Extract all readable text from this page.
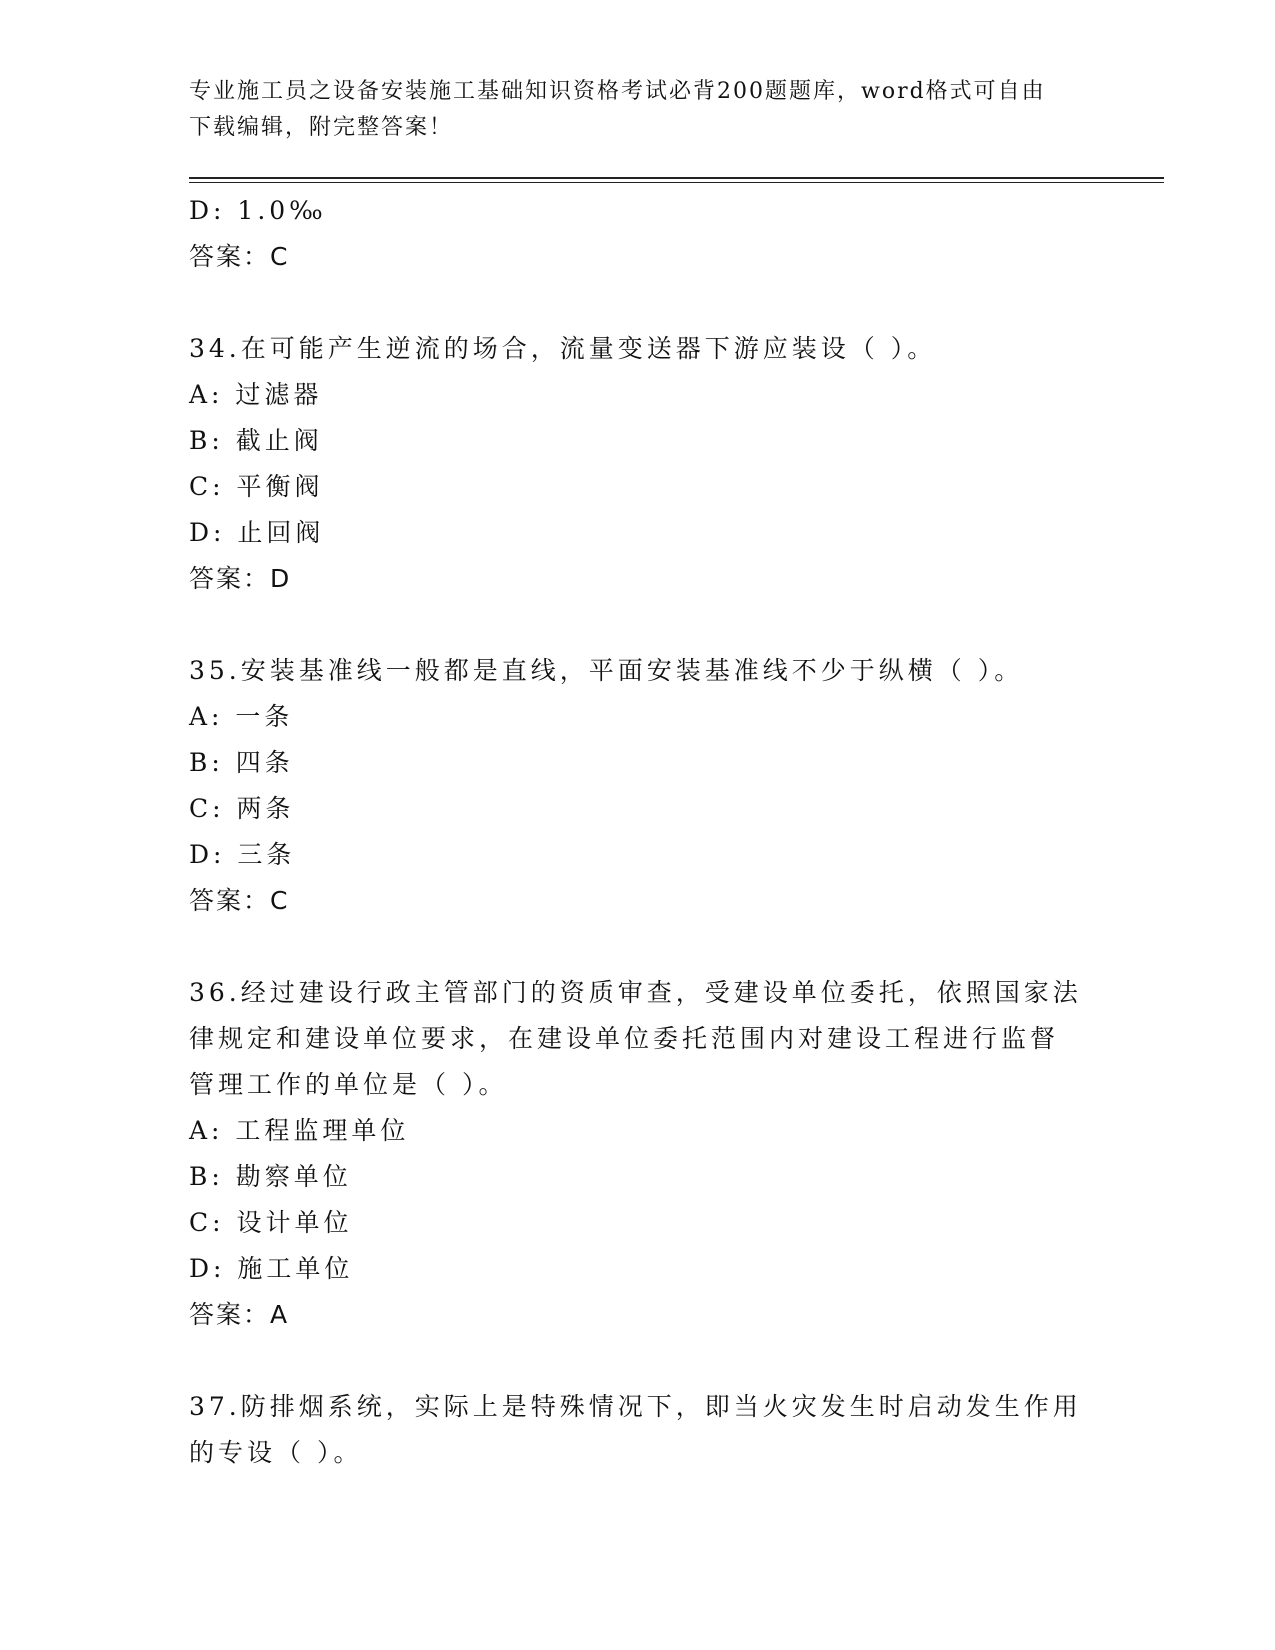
专业施工员之设备安装施工基础知识资格考试必背200题题库，word格式可自由
下载编辑，附完整答案！
D: 1.0‰
答案：C
34.在可能产生逆流的场合，流量变送器下游应装设（ ）。
A: 过滤器
B: 截止阀
C: 平衡阀
D: 止回阀
答案：D
35.安装基准线一般都是直线，平面安装基准线不少于纵横（ ）。
A: 一条
B: 四条
C: 两条
D: 三条
答案：C
36.经过建设行政主管部门的资质审查，受建设单位委托，依照国家法
律规定和建设单位要求，在建设单位委托范围内对建设工程进行监督
管理工作的单位是（ ）。
A: 工程监理单位
B: 勘察单位
C: 设计单位
D: 施工单位
答案：A
37.防排烟系统，实际上是特殊情况下，即当火灾发生时启动发生作用
的专设（ ）。
